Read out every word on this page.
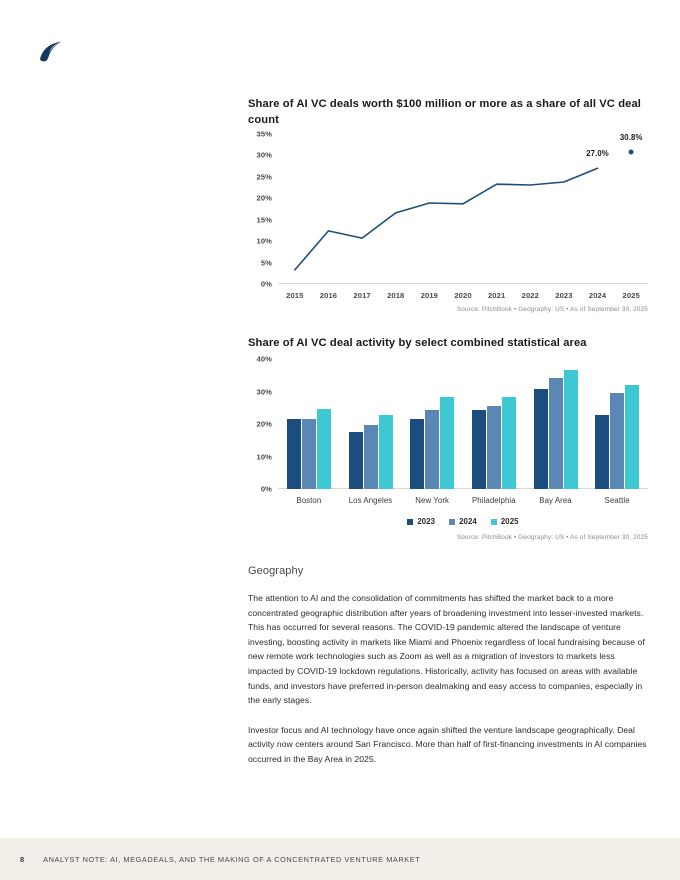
Share of AI VC deals worth $100 million or more as a share of all VC deal count
0%
5%
10%
15%
20%
25%
30%
35%
2015 2016 2017 2018 2019 2020 2021 2022 2023 2024 2025
27.0%
30.8%
Source: PitchBook • Geography: US • As of September 30, 2025
Share of AI VC deal activity by select combined statistical area
0%
10%
20%
30%
40%
Boston	Los Angeles	New York	Philadelphia	Bay Area	Seattle
2023	2024	2025
Source: PitchBook • Geography: US • As of September 30, 2025
Geography

The attention to AI and the consolidation of commitments has shifted the market back to a more concentrated geographic distribution after years of broadening investment into lesser-invested markets. This has occurred for several reasons. The COVID-19 pandemic altered the landscape of venture investing, boosting activity in markets like Miami and Phoenix regardless of local fundraising because of new remote work technologies such as Zoom as well as a migration of investors to markets less impacted by COVID-19 lockdown regulations. Historically, activity has focused on areas with available funds, and investors have preferred in-person dealmaking and easy access to companies, especially in the early stages.

Investor focus and AI technology have once again shifted the venture landscape geographically. Deal activity now centers around San Francisco. More than half of first-financing investments in AI companies occurred in the Bay Area in 2025.

8	ANALYST NOTE: AI, MEGADEALS, AND THE MAKING OF A CONCENTRATED VENTURE MARKET
